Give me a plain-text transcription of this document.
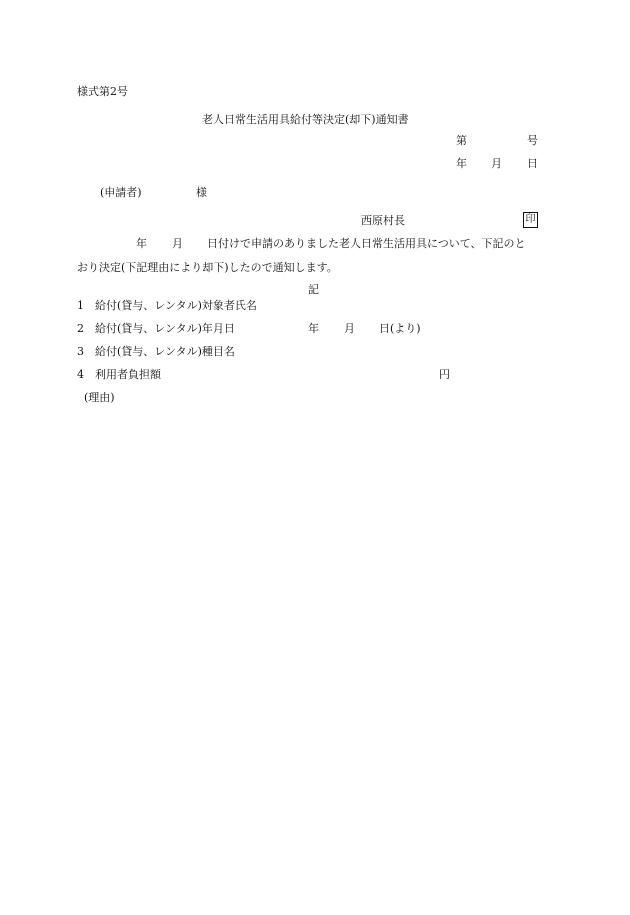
様式第2号
老人日常生活用具給付等決定(却下)通知書
第	号
年 月 日
(申請者)	様
西原村長	印
年 月 日付けで申請のありました老人日常生活用具について、下記のと
おり決定(下記理由により却下)したので通知します。
記
1 給付(貸与、レンタル)対象者氏名
2 給付(貸与、レンタル)年月日	年 月 日(より)
3 給付(貸与、レンタル)種目名
4 利用者負担額	円
(理由)
